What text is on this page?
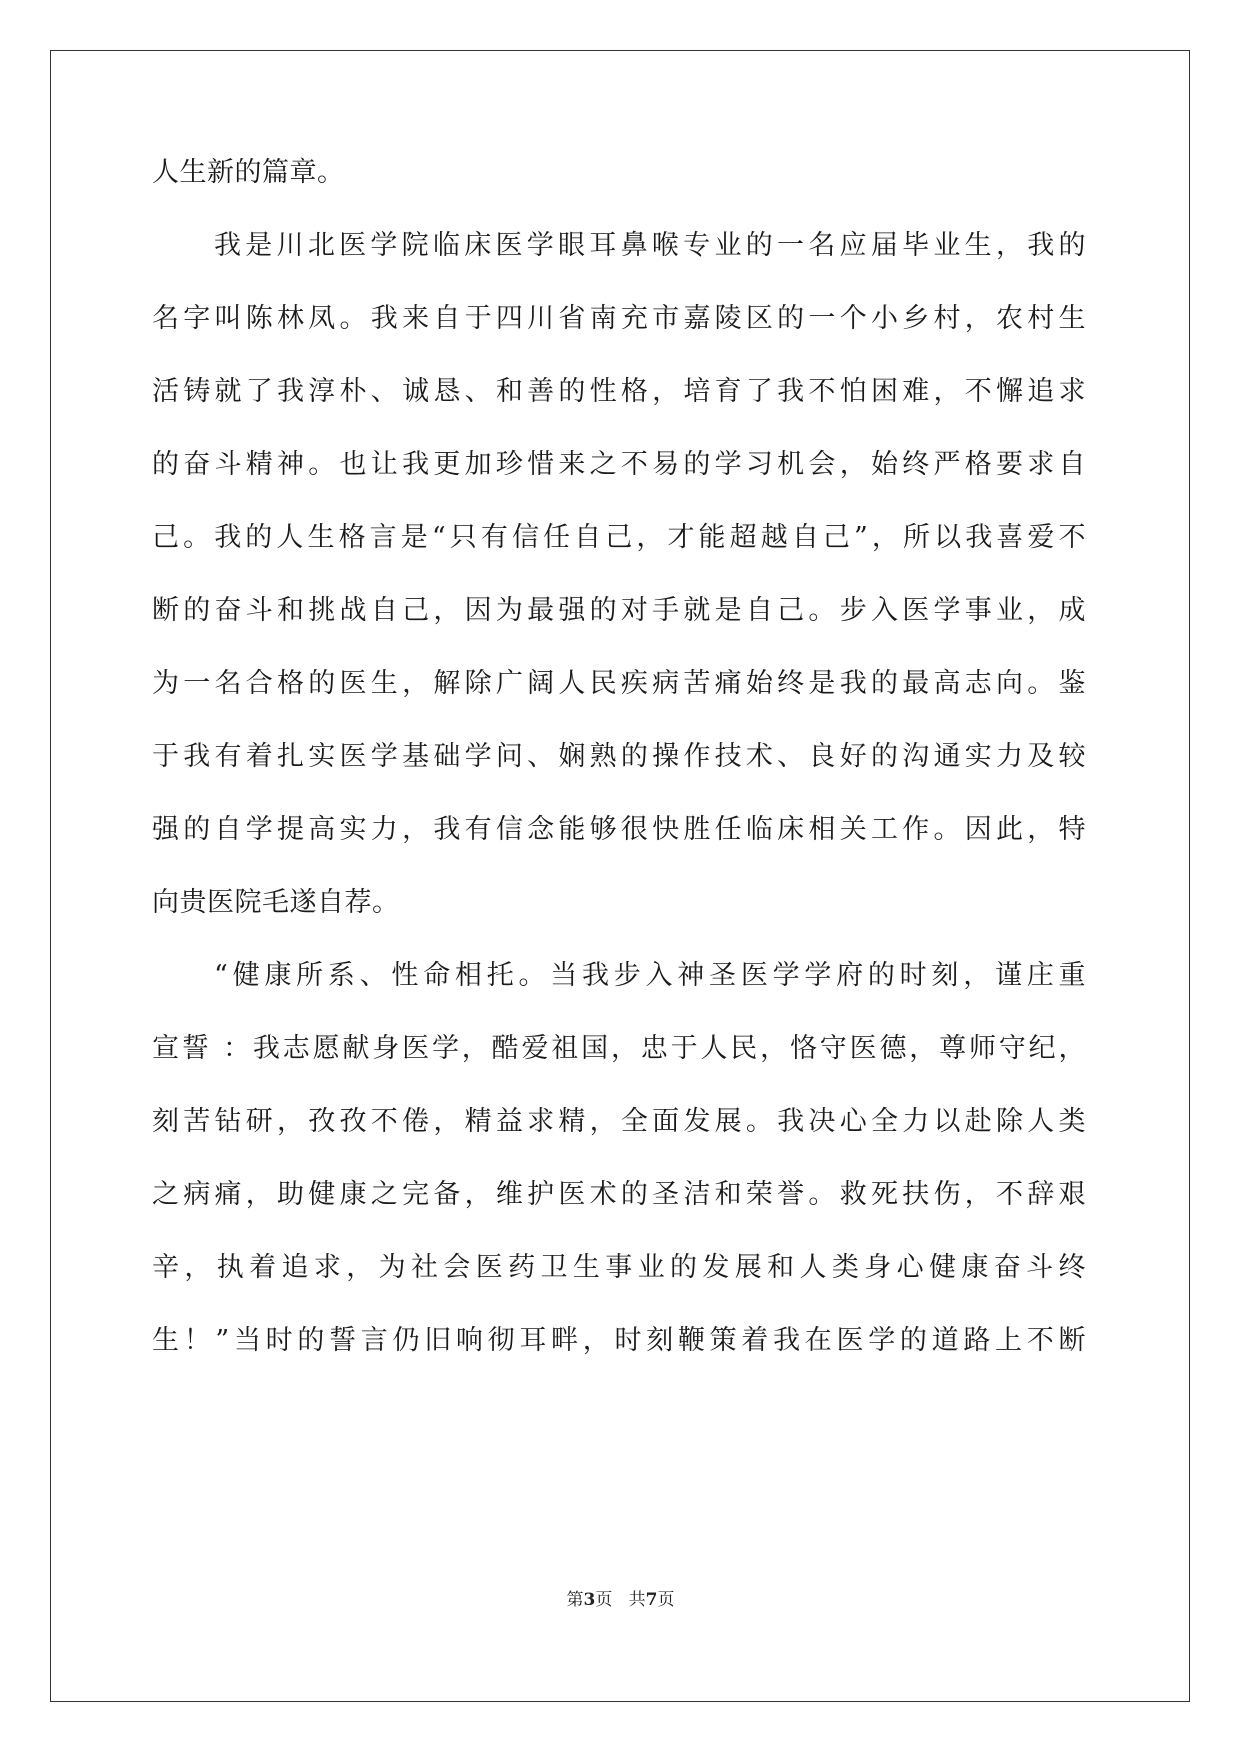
人生新的篇章。
我是川北医学院临床医学眼耳鼻喉专业的一名应届毕业生，我的
名字叫陈林凤。我来自于四川省南充市嘉陵区的一个小乡村，农村生
活铸就了我淳朴、诚恳、和善的性格，培育了我不怕困难，不懈追求
的奋斗精神。也让我更加珍惜来之不易的学习机会，始终严格要求自
己。我的人生格言是“只有信任自己，才能超越自己”，所以我喜爱不
断的奋斗和挑战自己，因为最强的对手就是自己。步入医学事业，成
为一名合格的医生，解除广阔人民疾病苦痛始终是我的最高志向。鉴
于我有着扎实医学基础学问、娴熟的操作技术、良好的沟通实力及较
强的自学提高实力，我有信念能够很快胜任临床相关工作。因此，特
向贵医院毛遂自荐。
“健康所系、性命相托。当我步入神圣医学学府的时刻，谨庄重
宣誓 ：我志愿献身医学，酷爱祖国，忠于人民，恪守医德，尊师守纪，
刻苦钻研，孜孜不倦，精益求精，全面发展。我决心全力以赴除人类
之病痛，助健康之完备，维护医术的圣洁和荣誉。救死扶伤，不辞艰
辛，执着追求，为社会医药卫生事业的发展和人类身心健康奋斗终
生！”当时的誓言仍旧响彻耳畔，时刻鞭策着我在医学的道路上不断
第3页 共7页
